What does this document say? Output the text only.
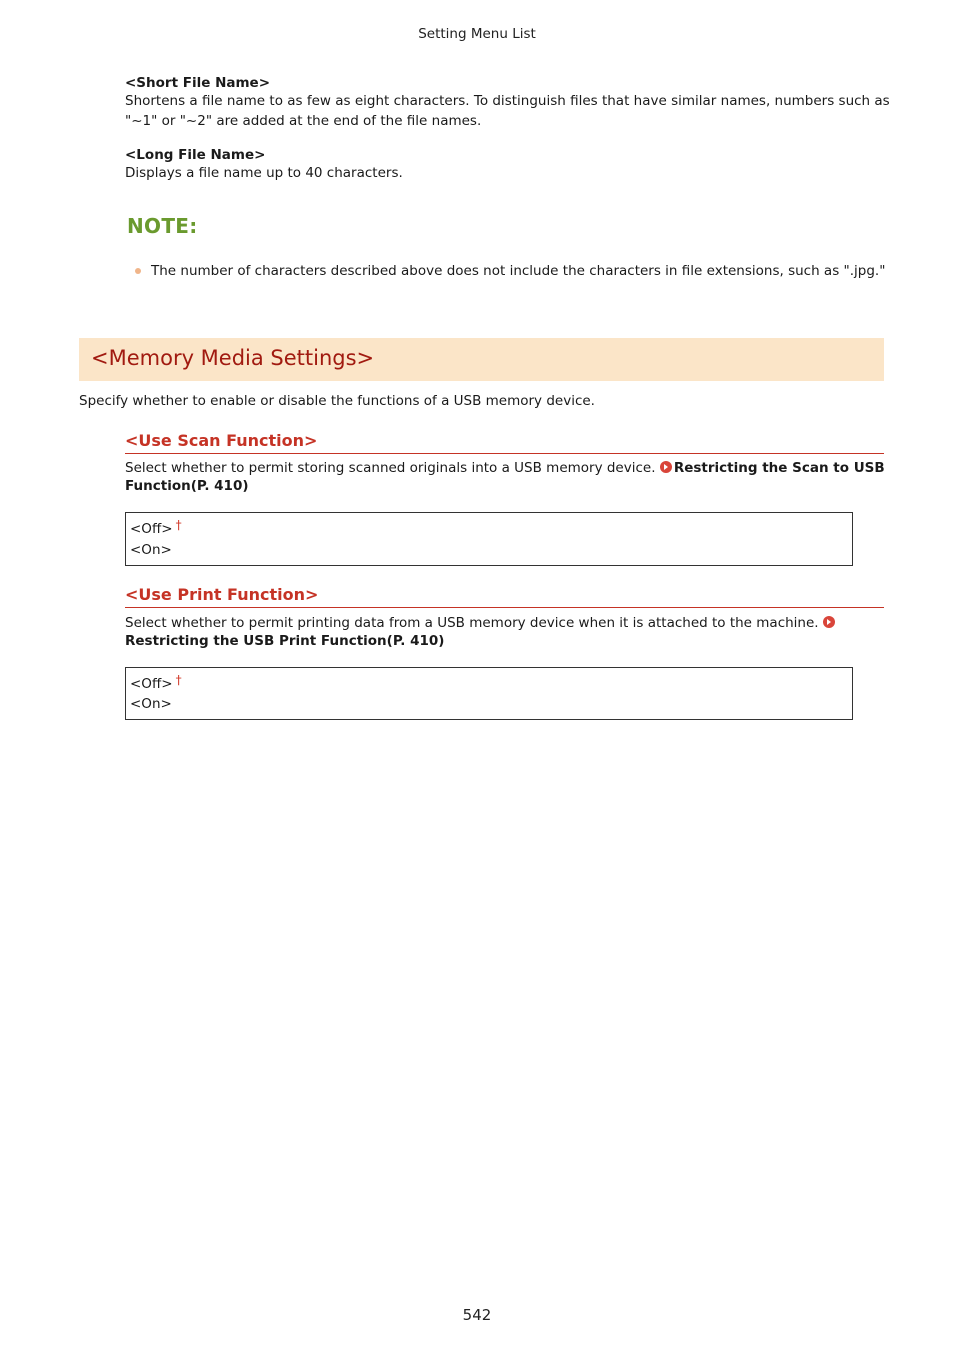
Setting Menu List
<Short File Name>
Shortens a file name to as few as eight characters. To distinguish files that have similar names, numbers such as
"~1" or "~2" are added at the end of the file names.
<Long File Name>
Displays a file name up to 40 characters.
NOTE:
The number of characters described above does not include the characters in file extensions, such as ".jpg."
<Memory Media Settings>
Specify whether to enable or disable the functions of a USB memory device.
<Use Scan Function>
Select whether to permit storing scanned originals into a USB memory device. Restricting the Scan to USB
Function(P. 410)
<Off> †
<On>
<Use Print Function>
Select whether to permit printing data from a USB memory device when it is attached to the machine.
Restricting the USB Print Function(P. 410)
<Off> †
<On>
542
